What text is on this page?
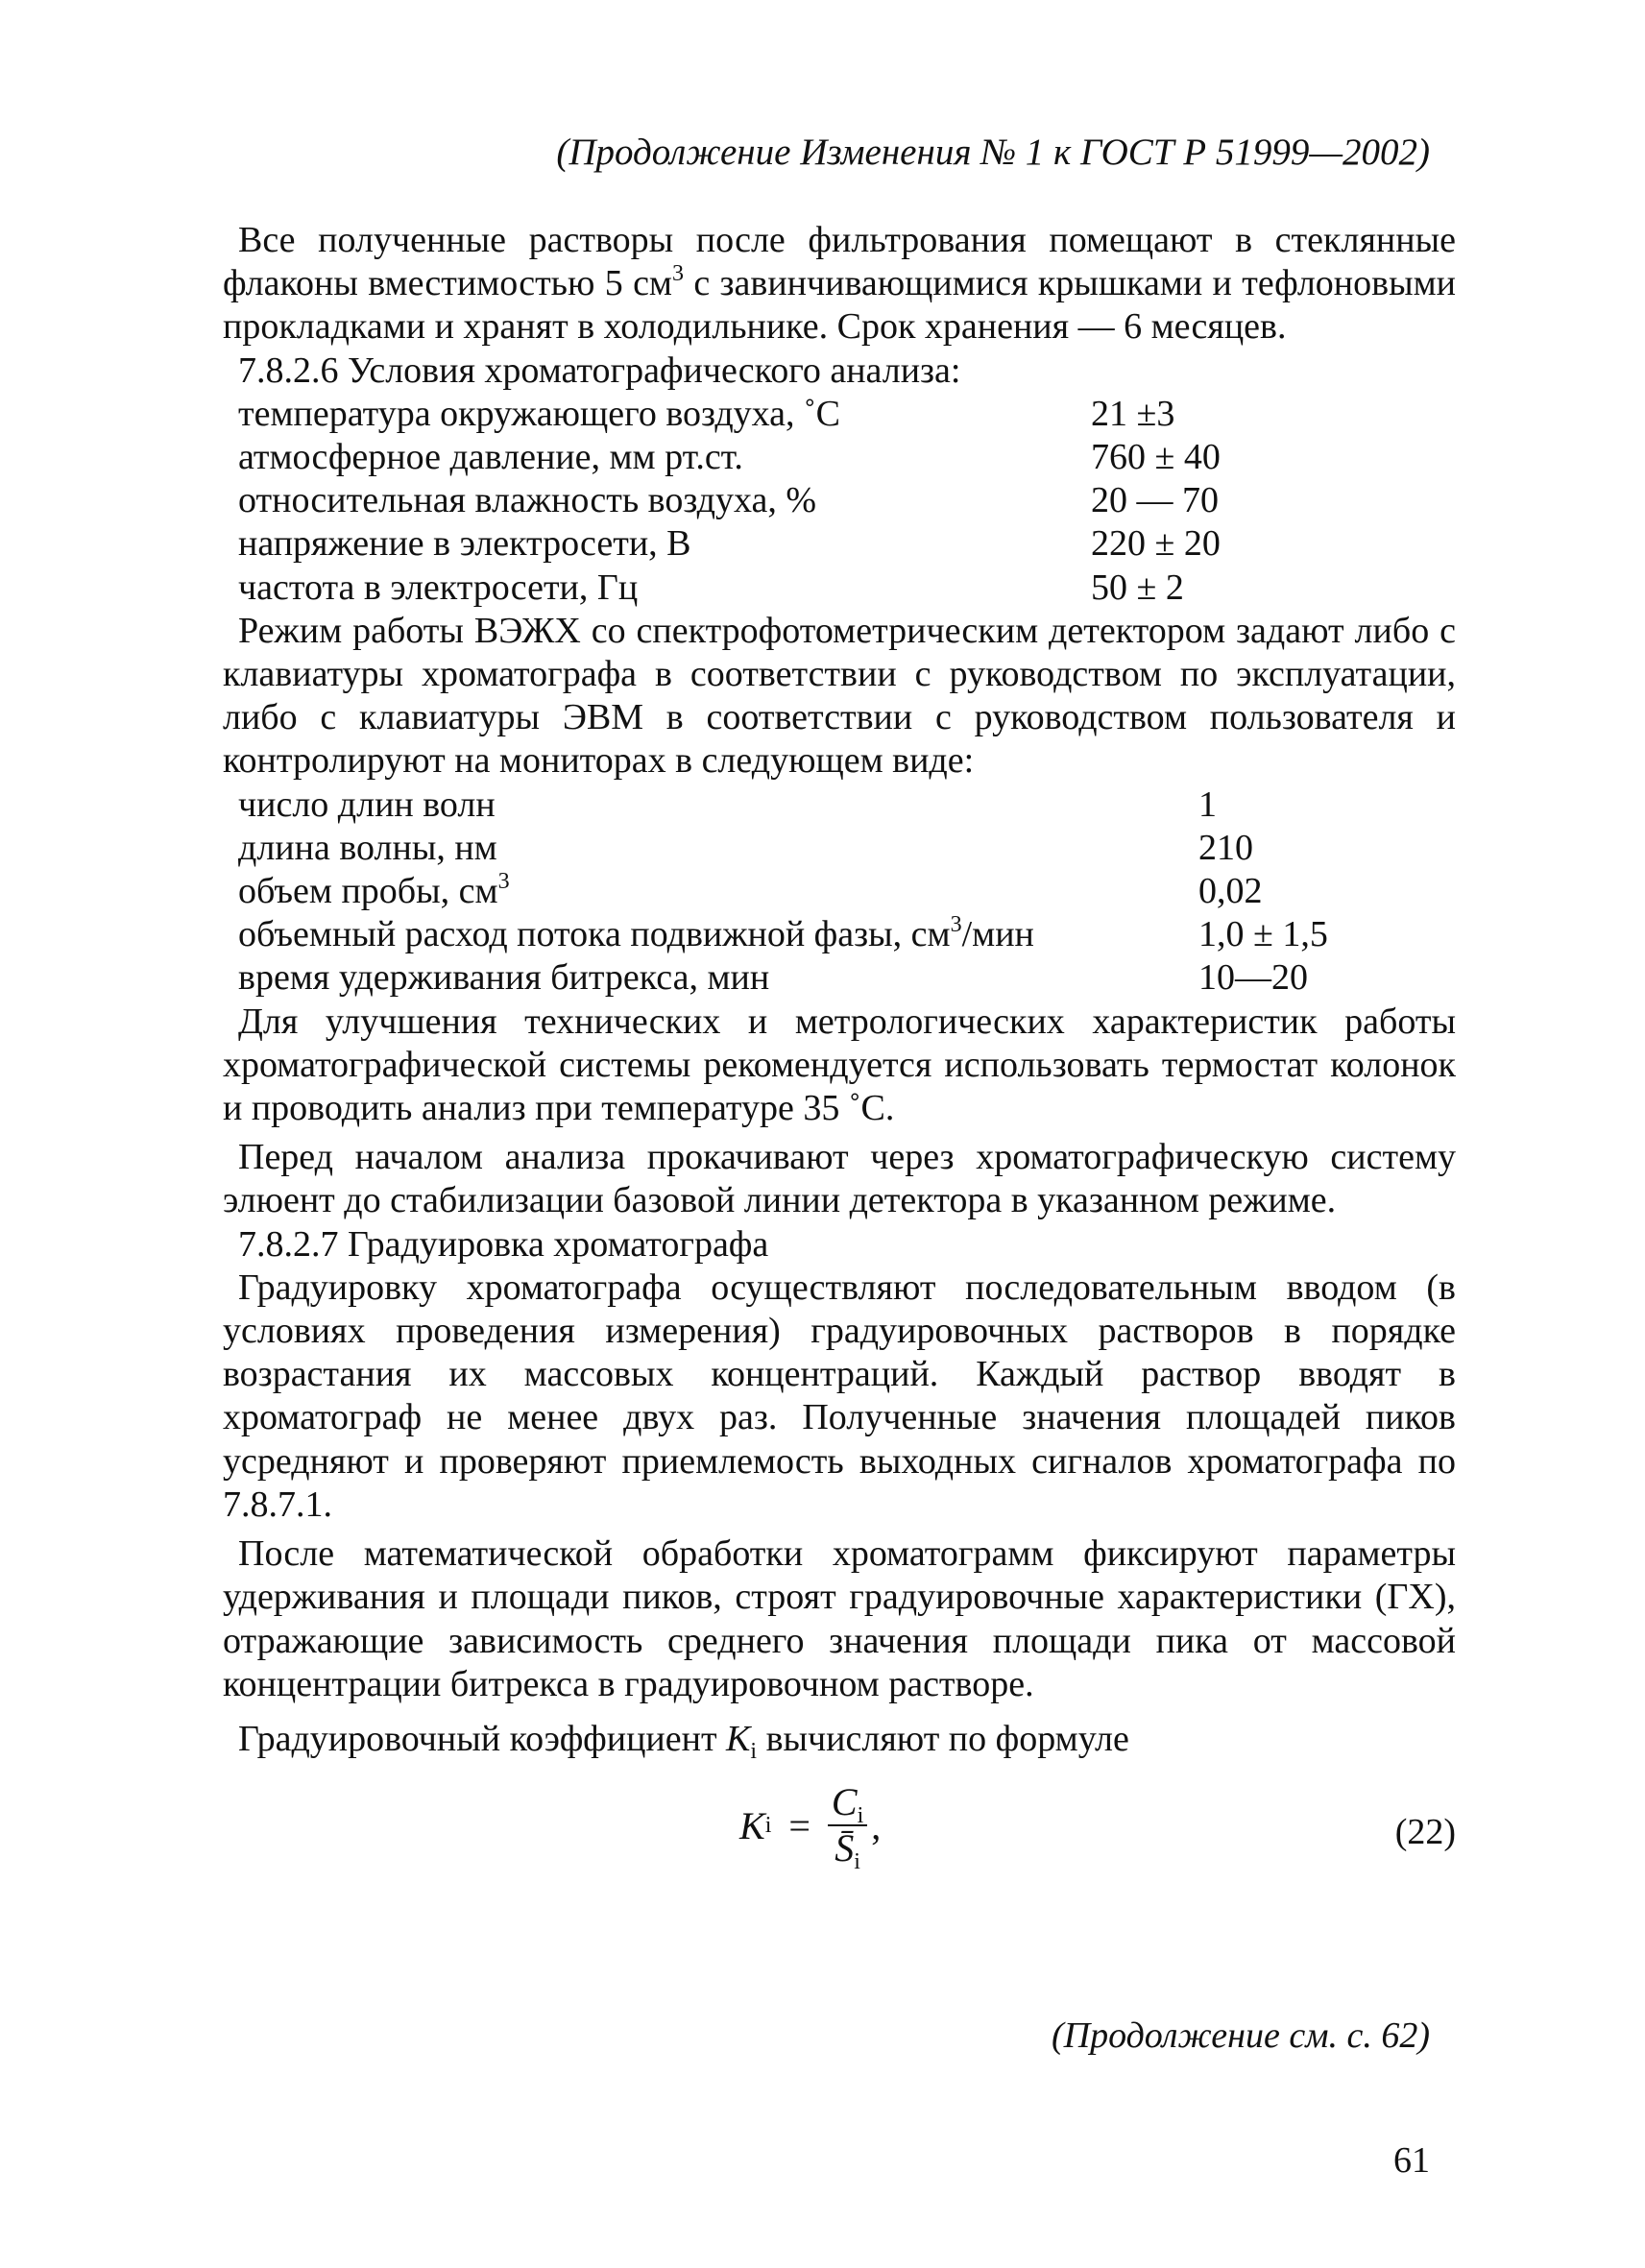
(Продолжение Изменения № 1 к ГОСТ Р 51999—2002)

Все полученные растворы после фильтрования помещают в стеклянные флаконы вместимостью 5 $см^3$ с завинчивающимися крышками и тефлоновыми прокладками и хранят в холодильнике. Срок хранения — 6 месяцев.

7.8.2.6 Условия хроматографического анализа:

температура окружающего воздуха, ˚С	21 ±3
атмосферное давление, мм рт.ст.	760 ± 40
относительная влажность воздуха, %	20 — 70
напряжение в электросети, В	220 ± 20
частота в электросети, Гц	50 ± 2

Режим работы ВЭЖХ со спектрофотометрическим детектором задают либо с клавиатуры хроматографа в соответствии с руководством по эксплуатации, либо с клавиатуры ЭВМ в соответствии с руководством пользователя и контролируют на мониторах в следующем виде:

число длин волн	1
длина волны, нм	210
объем пробы, $см^3$	0,02
объемный расход потока подвижной фазы, $см^3$/мин	1,0 ± 1,5
время удерживания битрекса, мин	10—20

Для улучшения технических и метрологических характеристик работы хроматографической системы рекомендуется использовать термостат колонок и проводить анализ при температуре 35 ˚С.

Перед началом анализа прокачивают через хроматографическую систему элюент до стабилизации базовой линии детектора в указанном режиме.

7.8.2.7 Градуировка хроматографа

Градуировку хроматографа осуществляют последовательным вводом (в условиях проведения измерения) градуировочных растворов в порядке возрастания их массовых концентраций. Каждый раствор вводят в хроматограф не менее двух раз. Полученные значения площадей пиков усредняют и проверяют приемлемость выходных сигналов хроматографа по 7.8.7.1.

После математической обработки хроматограмм фиксируют параметры удерживания и площади пиков, строят градуировочные характеристики (ГХ), отражающие зависимость среднего значения площади пика от массовой концентрации битрекса в градуировочном растворе.

Градуировочный коэффициент $K_i$ вычисляют по формуле

K $i = \frac{C_i}{S̄_i}$ ,	(22)
(Продолжение см. с. 62)
61
